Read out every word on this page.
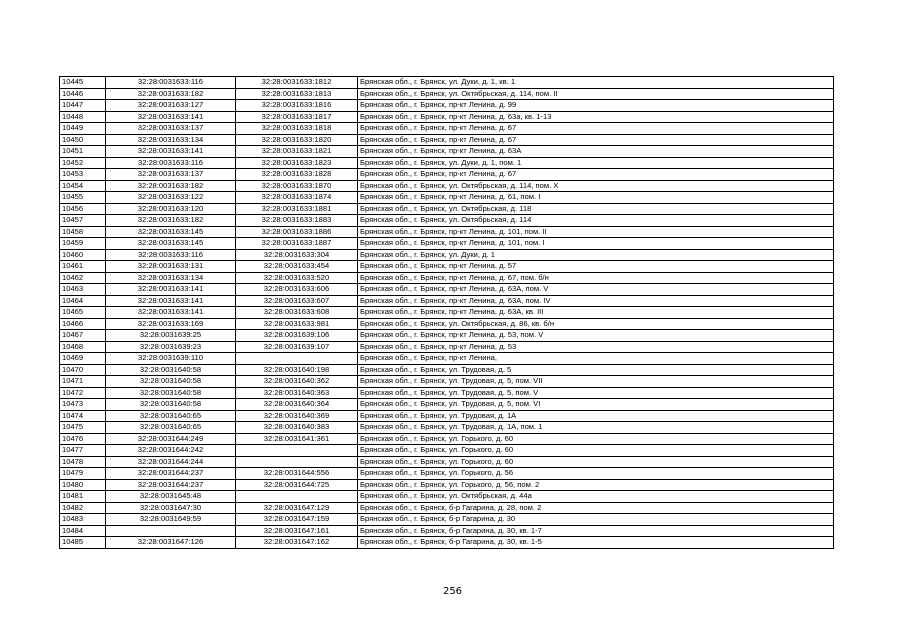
10445	32:28:0031633:116	32:28:0031633:1812	Брянская обл., г. Брянск, ул. Дуки, д. 1, кв. 1
10446	32:28:0031633:182	32:28:0031633:1813	Брянская обл., г. Брянск, ул. Октябрьская, д. 114, пом. II
10447	32:28:0031633:127	32:28:0031633:1816	Брянская обл., г. Брянск, пр-кт Ленина, д. 99
10448	32:28:0031633:141	32:28:0031633:1817	Брянская обл., г. Брянск, пр-кт Ленина, д. 63а, кв. 1-13
10449	32:28:0031633:137	32:28:0031633:1818	Брянская обл., г. Брянск, пр-кт Ленина, д. 67
10450	32:28:0031633:134	32:28:0031633:1820	Брянская обл., г. Брянск, пр-кт Ленина, д. 67
10451	32:28:0031633:141	32:28:0031633:1821	Брянская обл., г. Брянск, пр-кт Ленина, д. 63А
10452	32:28:0031633:116	32:28:0031633:1823	Брянская обл., г. Брянск, ул. Дуки, д. 1, пом. 1
10453	32:28:0031633:137	32:28:0031633:1828	Брянская обл., г. Брянск, пр-кт Ленина, д. 67
10454	32:28:0031633:182	32:28:0031633:1870	Брянская обл., г. Брянск, ул. Октябрьская, д. 114, пом. X
10455	32:28:0031633:122	32:28:0031633:1874	Брянская обл., г. Брянск, пр-кт Ленина, д. 61, пом. I
10456	32:28:0031633:120	32:28:0031633:1881	Брянская обл., г. Брянск, ул. Октябрьская, д. 118
10457	32:28:0031633:182	32:28:0031633:1883	Брянская обл., г. Брянск, ул. Октябрьская, д. 114
10458	32:28:0031633:145	32:28:0031633:1886	Брянская обл., г. Брянск, пр-кт Ленина, д. 101, пом. II
10459	32:28:0031633:145	32:28:0031633:1887	Брянская обл., г. Брянск, пр-кт Ленина, д. 101, пом. I
10460	32:28:0031633:116	32:28:0031633:304	Брянская обл., г. Брянск, ул. Дуки, д. 1
10461	32:28:0031633:131	32:28:0031633:454	Брянская обл., г. Брянск, пр-кт Ленина, д. 57
10462	32:28:0031633:134	32:28:0031633:520	Брянская обл., г. Брянск, пр-кт Ленина, д. 67, пом. б/н
10463	32:28:0031633:141	32:28:0031633:606	Брянская обл., г. Брянск, пр-кт Ленина, д. 63А, пом. V
10464	32:28:0031633:141	32:28:0031633:607	Брянская обл., г. Брянск, пр-кт Ленина, д. 63А, пом. IV
10465	32:28:0031633:141	32:28:0031633:608	Брянская обл., г. Брянск, пр-кт Ленина, д. 63А, кв. III
10466	32:28:0031633:169	32:28:0031633:981	Брянская обл., г. Брянск, ул. Октябрьская, д. 86, кв. б/н
10467	32:28:0031639:25	32:28:0031639:106	Брянская обл., г. Брянск, пр-кт Ленина, д. 53, пом. V
10468	32:28:0031639:23	32:28:0031639:107	Брянская обл., г. Брянск, пр-кт Ленина, д. 53
10469	32:28:0031639:110		Брянская обл., г. Брянск, пр-кт Ленина,
10470	32:28:0031640:58	32:28:0031640:198	Брянская обл., г. Брянск, ул. Трудовая, д. 5
10471	32:28:0031640:58	32:28:0031640:362	Брянская обл., г. Брянск, ул. Трудовая, д. 5, пом. VII
10472	32:28:0031640:58	32:28:0031640:363	Брянская обл., г. Брянск, ул. Трудовая, д. 5, пом. V
10473	32:28:0031640:58	32:28:0031640:364	Брянская обл., г. Брянск, ул. Трудовая, д. 5, пом. VI
10474	32:28:0031640:65	32:28:0031640:369	Брянская обл., г. Брянск, ул. Трудовая, д. 1А
10475	32:28:0031640:65	32:28:0031640:383	Брянская обл., г. Брянск, ул. Трудовая, д. 1А, пом. 1
10476	32:28:0031644:249	32:28:0031641:361	Брянская обл., г. Брянск, ул. Горького, д. 60
10477	32:28:0031644:242		Брянская обл., г. Брянск, ул. Горького, д. 60
10478	32:28:0031644:244		Брянская обл., г. Брянск, ул. Горького, д. 60
10479	32:28:0031644:237	32:28:0031644:556	Брянская обл., г. Брянск, ул. Горького, д. 56
10480	32:28:0031644:237	32:28:0031644:725	Брянская обл., г. Брянск, ул. Горького, д. 56, пом. 2
10481	32:28:0031645:48		Брянская обл., г. Брянск, ул. Октябрьская, д. 44а
10482	32:28:0031647:30	32:28:0031647:129	Брянская обл., г. Брянск, б-р Гагарина, д. 28, пом. 2
10483	32:28:0031649:59	32:28:0031647:159	Брянская обл., г. Брянск, б-р Гагарина, д. 30
10484		32:28:0031647:161	Брянская обл., г. Брянск, б-р Гагарина, д. 30, кв. 1-7
10485	32:28:0031647:126	32:28:0031647:162	Брянская обл., г. Брянск, б-р Гагарина, д. 30, кв. 1-5
256
